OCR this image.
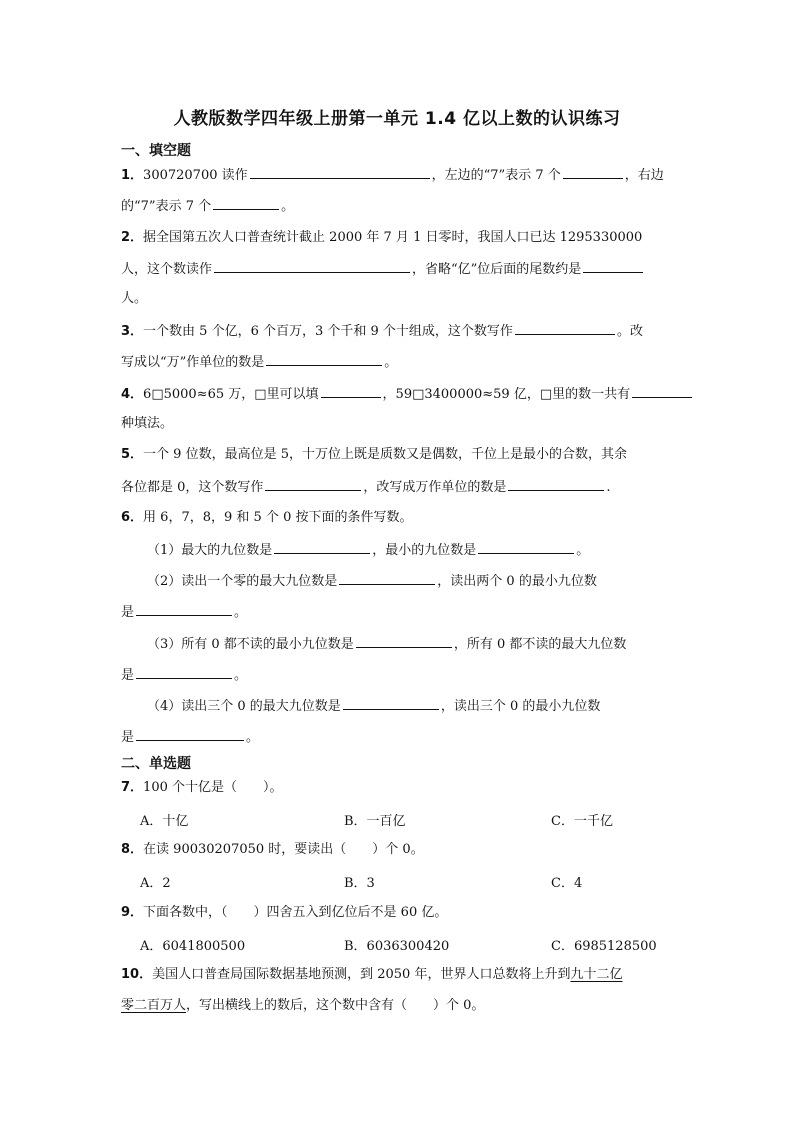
人教版数学四年级上册第一单元 1.4 亿以上数的认识练习
一、填空题
1．300720700 读作	，左边的“7”表示 7 个	，右边
的“7”表示 7 个	。
2．据全国第五次人口普查统计截止 2000 年 7 月 1 日零时，我国人口已达 1295330000
人，这个数读作	，省略“亿”位后面的尾数约是
人。
3．一个数由 5 个亿，6 个百万，3 个千和 9 个十组成，这个数写作	。改
写成以“万”作单位的数是	。
4．6□5000≈65 万，□里可以填	，59□3400000≈59 亿，□里的数一共有
种填法。
5．一个 9 位数，最高位是 5，十万位上既是质数又是偶数，千位上是最小的合数，其余
各位都是 0，这个数写作	，改写成万作单位的数是	.
6．用 6，7，8，9 和 5 个 0 按下面的条件写数。
（1）最大的九位数是	，最小的九位数是	。
（2）读出一个零的最大九位数是	，读出两个 0 的最小九位数
是	。
（3）所有 0 都不读的最小九位数是	，所有 0 都不读的最大九位数
是	。
（4）读出三个 0 的最大九位数是	，读出三个 0 的最小九位数
是	。
二、单选题
7．100 个十亿是（　　）。
A．十亿	B．一百亿	C．一千亿
8．在读 90030207050 时，要读出（　　）个 0。
A．2	B．3	C．4
9．下面各数中，（　　）四舍五入到亿位后不是 60 亿。
A．6041800500	B．6036300420	C．6985128500
10．美国人口普查局国际数据基地预测，到 2050 年，世界人口总数将上升到九十二亿
零二百万人，写出横线上的数后，这个数中含有（　　）个 0。
